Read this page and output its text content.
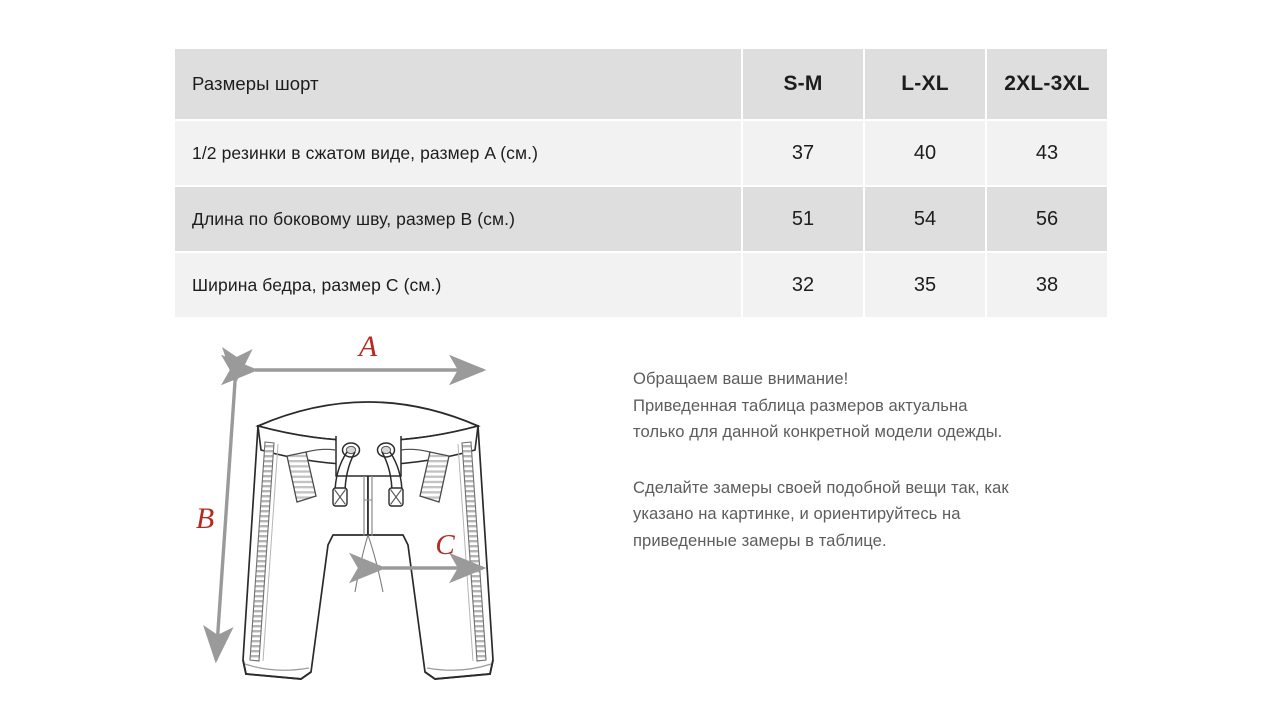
Размеры шорт	S-M	L-XL	2XL-3XL
1/2 резинки в сжатом виде, размер A (см.)	37	40	43
Длина по боковому шву, размер B (см.)	51	54	56
Ширина бедра, размер C (см.)	32	35	38
A
B
C

Обращаем ваше внимание!
Приведенная таблица размеров актуальна
только для данной конкретной модели одежды.

Сделайте замеры своей подобной вещи так, как
указано на картинке, и ориентируйтесь на
приведенные замеры в таблице.
